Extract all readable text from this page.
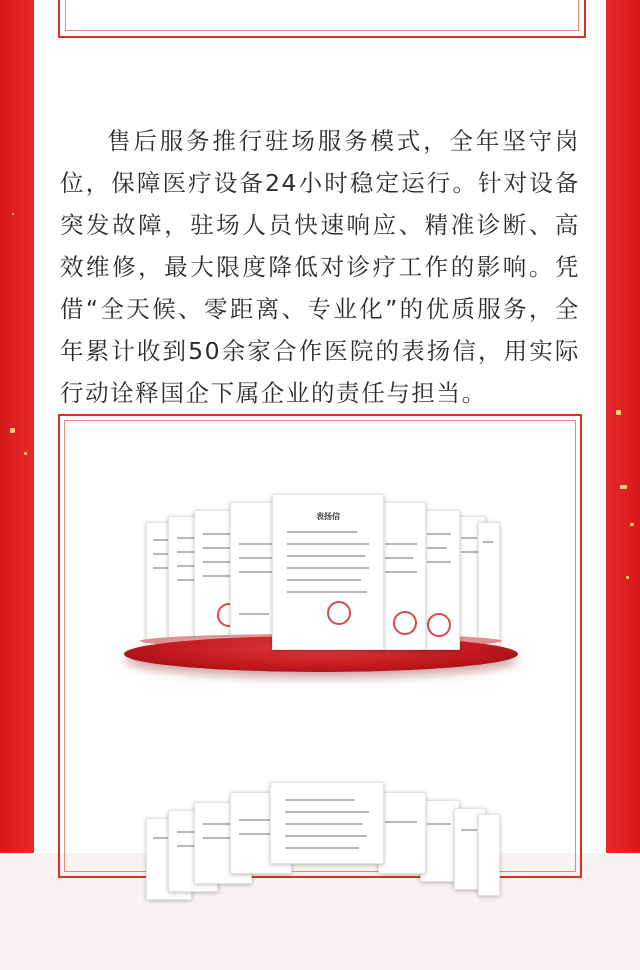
售后服务推行驻场服务模式，全年坚守岗位，保障医疗设备24小时稳定运行。针对设备突发故障，驻场人员快速响应、精准诊断、高效维修，最大限度降低对诊疗工作的影响。凭借“全天候、零距离、专业化”的优质服务，全年累计收到50余家合作医院的表扬信，用实际行动诠释国企下属企业的责任与担当。

表扬信
